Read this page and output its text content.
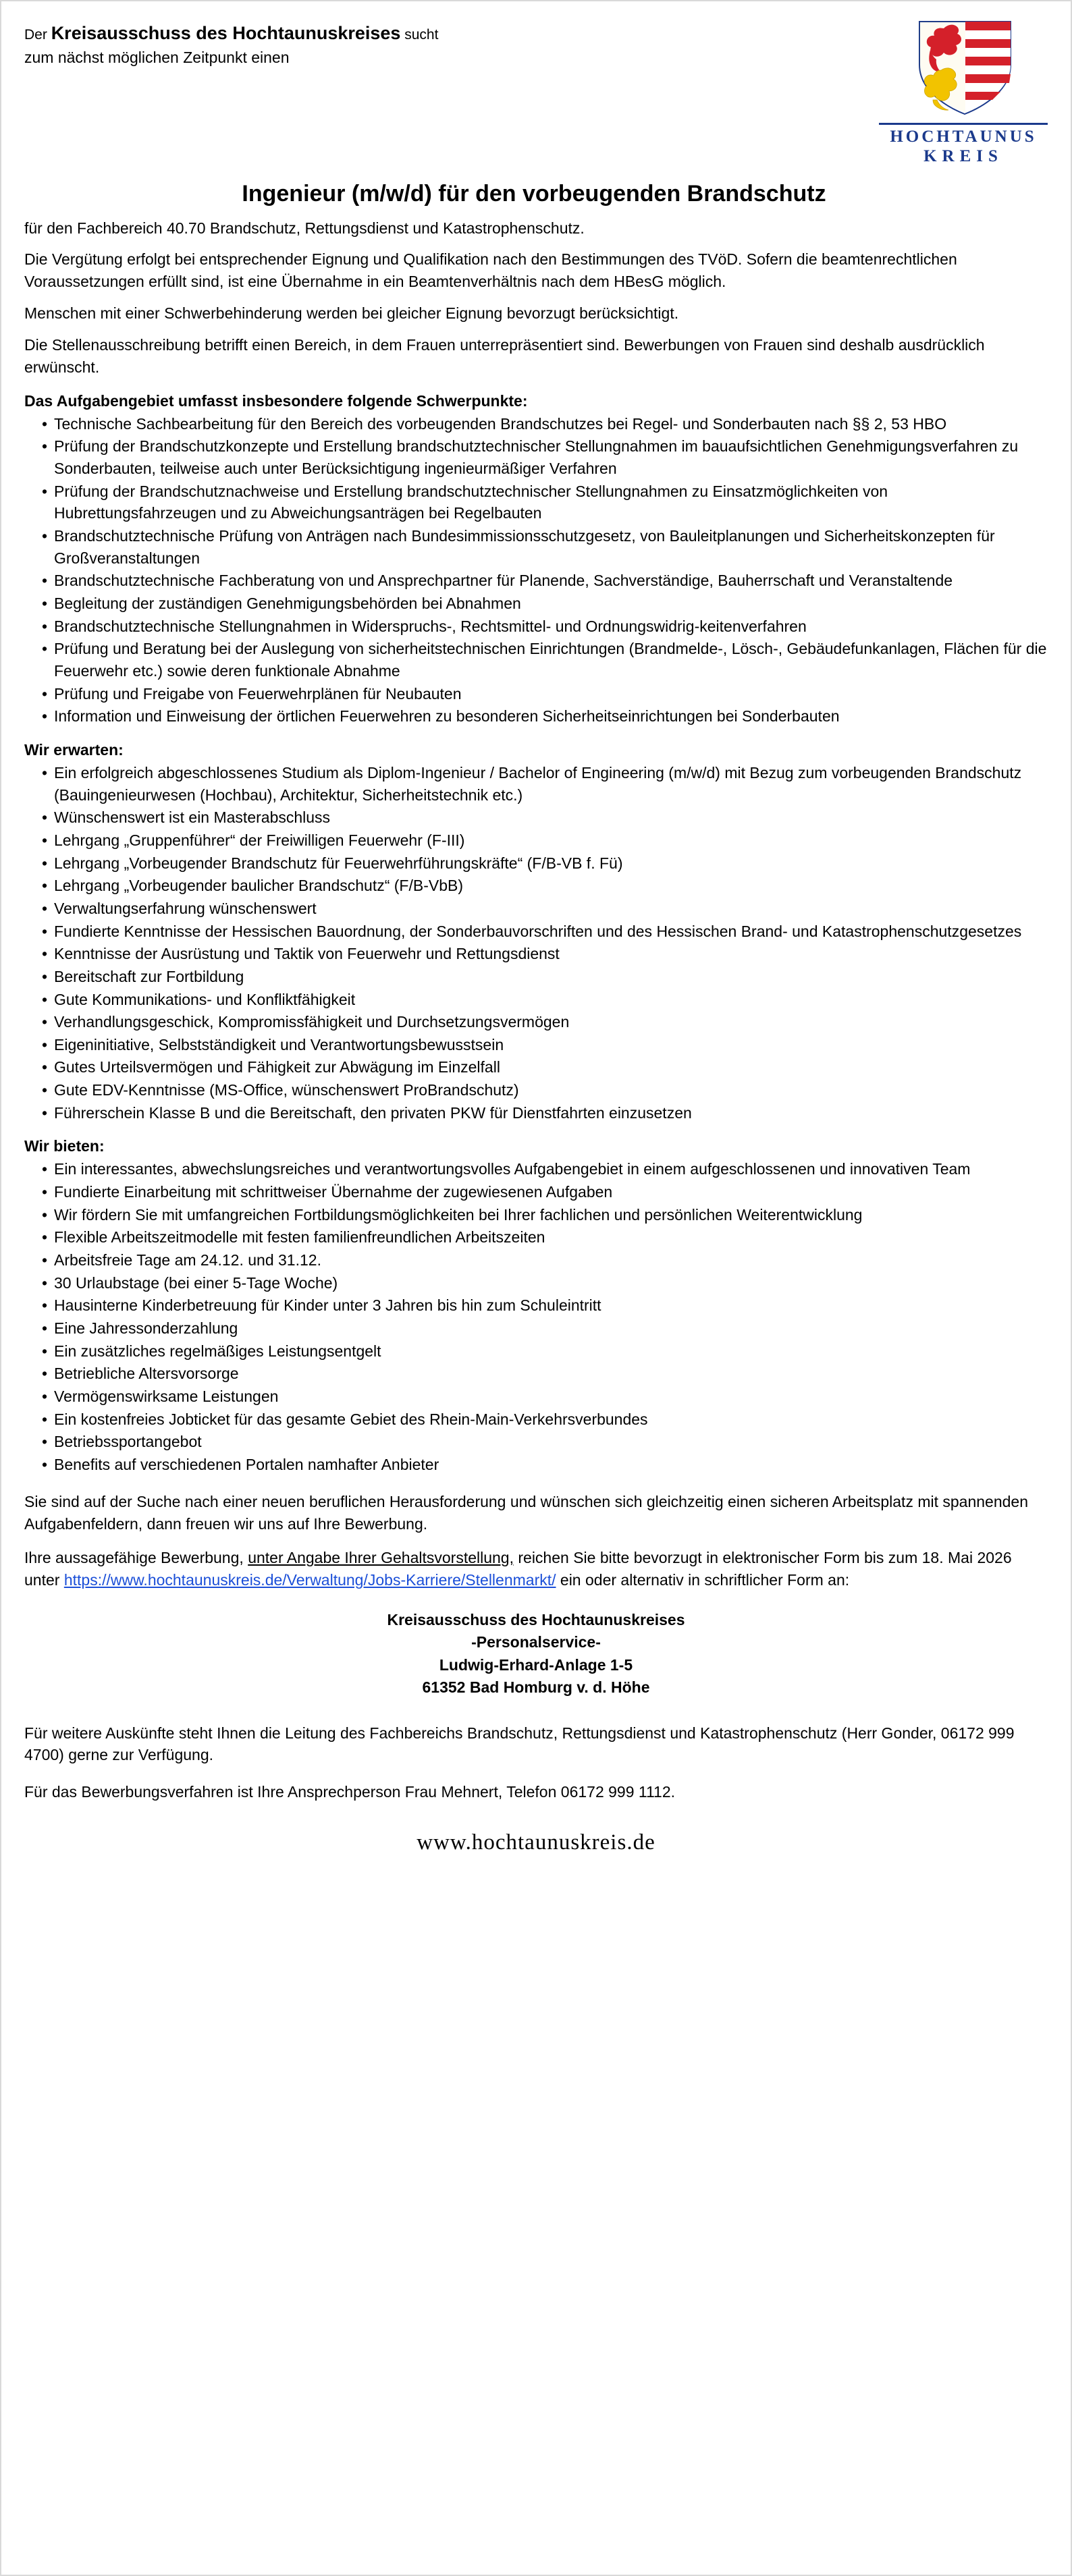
Der Kreisausschuss des Hochtaunuskreises sucht
zum nächst möglichen Zeitpunkt einen
HOCHTAUNUS
KREIS
Ingenieur (m/w/d) für den vorbeugenden Brandschutz
für den Fachbereich 40.70 Brandschutz, Rettungsdienst und Katastrophenschutz.
Die Vergütung erfolgt bei entsprechender Eignung und Qualifikation nach den Bestimmungen des TVöD. Sofern die beamtenrechtlichen Voraussetzungen erfüllt sind, ist eine Übernahme in ein Beamtenverhältnis nach dem HBesG möglich.
Menschen mit einer Schwerbehinderung werden bei gleicher Eignung bevorzugt berücksichtigt.
Die Stellenausschreibung betrifft einen Bereich, in dem Frauen unterrepräsentiert sind. Bewerbungen von Frauen sind deshalb ausdrücklich erwünscht.
Das Aufgabengebiet umfasst insbesondere folgende Schwerpunkte:
• Technische Sachbearbeitung für den Bereich des vorbeugenden Brandschutzes bei Regel- und Sonderbauten nach §§ 2, 53 HBO
• Prüfung der Brandschutzkonzepte und Erstellung brandschutztechnischer Stellungnahmen im bauaufsichtlichen Genehmigungsverfahren zu Sonderbauten, teilweise auch unter Berücksichtigung ingenieurmäßiger Verfahren
• Prüfung der Brandschutznachweise und Erstellung brandschutztechnischer Stellungnahmen zu Einsatzmöglichkeiten von Hubrettungsfahrzeugen und zu Abweichungsanträgen bei Regelbauten
• Brandschutztechnische Prüfung von Anträgen nach Bundesimmissionsschutzgesetz, von Bauleitplanungen und Sicherheitskonzepten für Großveranstaltungen
• Brandschutztechnische Fachberatung von und Ansprechpartner für Planende, Sachverständige, Bauherrschaft und Veranstaltende
• Begleitung der zuständigen Genehmigungsbehörden bei Abnahmen
• Brandschutztechnische Stellungnahmen in Widerspruchs-, Rechtsmittel- und Ordnungswidrig-keitenverfahren
• Prüfung und Beratung bei der Auslegung von sicherheitstechnischen Einrichtungen (Brandmelde-, Lösch-, Gebäudefunkanlagen, Flächen für die Feuerwehr etc.) sowie deren funktionale Abnahme
• Prüfung und Freigabe von Feuerwehrplänen für Neubauten
• Information und Einweisung der örtlichen Feuerwehren zu besonderen Sicherheitseinrichtungen bei Sonderbauten
Wir erwarten:
• Ein erfolgreich abgeschlossenes Studium als Diplom-Ingenieur / Bachelor of Engineering (m/w/d) mit Bezug zum vorbeugenden Brandschutz (Bauingenieurwesen (Hochbau), Architektur, Sicherheitstechnik etc.)
• Wünschenswert ist ein Masterabschluss
• Lehrgang „Gruppenführer“ der Freiwilligen Feuerwehr (F-III)
• Lehrgang „Vorbeugender Brandschutz für Feuerwehrführungskräfte“ (F/B-VB f. Fü)
• Lehrgang „Vorbeugender baulicher Brandschutz“ (F/B-VbB)
• Verwaltungserfahrung wünschenswert
• Fundierte Kenntnisse der Hessischen Bauordnung, der Sonderbauvorschriften und des Hessischen Brand- und Katastrophenschutzgesetzes
• Kenntnisse der Ausrüstung und Taktik von Feuerwehr und Rettungsdienst
• Bereitschaft zur Fortbildung
• Gute Kommunikations- und Konfliktfähigkeit
• Verhandlungsgeschick, Kompromissfähigkeit und Durchsetzungsvermögen
• Eigeninitiative, Selbstständigkeit und Verantwortungsbewusstsein
• Gutes Urteilsvermögen und Fähigkeit zur Abwägung im Einzelfall
• Gute EDV-Kenntnisse (MS-Office, wünschenswert ProBrandschutz)
• Führerschein Klasse B und die Bereitschaft, den privaten PKW für Dienstfahrten einzusetzen
Wir bieten:
• Ein interessantes, abwechslungsreiches und verantwortungsvolles Aufgabengebiet in einem aufgeschlossenen und innovativen Team
• Fundierte Einarbeitung mit schrittweiser Übernahme der zugewiesenen Aufgaben
• Wir fördern Sie mit umfangreichen Fortbildungsmöglichkeiten bei Ihrer fachlichen und persönlichen Weiterentwicklung
• Flexible Arbeitszeitmodelle mit festen familienfreundlichen Arbeitszeiten
• Arbeitsfreie Tage am 24.12. und 31.12.
• 30 Urlaubstage (bei einer 5-Tage Woche)
• Hausinterne Kinderbetreuung für Kinder unter 3 Jahren bis hin zum Schuleintritt
• Eine Jahressonderzahlung
• Ein zusätzliches regelmäßiges Leistungsentgelt
• Betriebliche Altersvorsorge
• Vermögenswirksame Leistungen
• Ein kostenfreies Jobticket für das gesamte Gebiet des Rhein-Main-Verkehrsverbundes
• Betriebssportangebot
• Benefits auf verschiedenen Portalen namhafter Anbieter
Sie sind auf der Suche nach einer neuen beruflichen Herausforderung und wünschen sich gleichzeitig einen sicheren Arbeitsplatz mit spannenden Aufgabenfeldern, dann freuen wir uns auf Ihre Bewerbung.
Ihre aussagefähige Bewerbung, unter Angabe Ihrer Gehaltsvorstellung, reichen Sie bitte bevorzugt in elektronischer Form bis zum 18. Mai 2026 unter https://www.hochtaunuskreis.de/Verwaltung/Jobs-Karriere/Stellenmarkt/ ein oder alternativ in schriftlicher Form an:
Kreisausschuss des Hochtaunuskreises
-Personalservice-
Ludwig-Erhard-Anlage 1-5
61352 Bad Homburg v. d. Höhe
Für weitere Auskünfte steht Ihnen die Leitung des Fachbereichs Brandschutz, Rettungsdienst und Katastrophenschutz (Herr Gonder, 06172 999 4700) gerne zur Verfügung.
Für das Bewerbungsverfahren ist Ihre Ansprechperson Frau Mehnert, Telefon 06172 999 1112.
www.hochtaunuskreis.de
